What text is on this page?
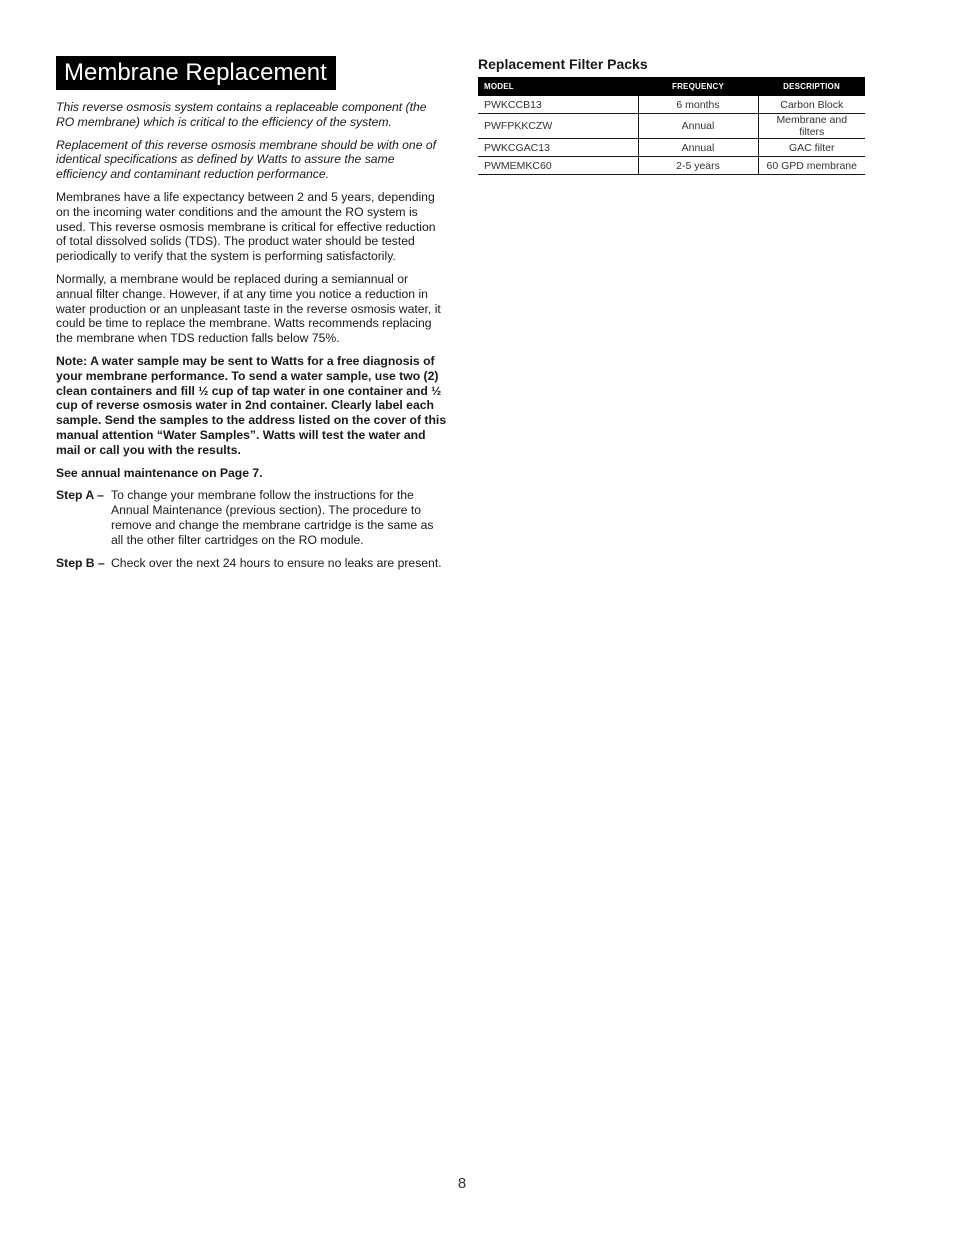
Membrane Replacement

This reverse osmosis system contains a replaceable component (the RO membrane) which is critical to the efficiency of the system.

Replacement of this reverse osmosis membrane should be with one of identical specifications as defined by Watts to assure the same efficiency and contaminant reduction performance.

Membranes have a life expectancy between 2 and 5 years, depending on the incoming water conditions and the amount the RO system is used. This reverse osmosis membrane is critical for effective reduction of total dissolved solids (TDS). The product water should be tested periodically to verify that the system is performing satisfactorily.

Normally, a membrane would be replaced during a semiannual or annual filter change. However, if at any time you notice a reduction in water production or an unpleasant taste in the reverse osmosis water, it could be time to replace the membrane. Watts recommends replacing the membrane when TDS reduction falls below 75%.

Note: A water sample may be sent to Watts for a free diagnosis of your membrane performance. To send a water sample, use two (2) clean containers and fill ½ cup of tap water in one container and ½ cup of reverse osmosis water in 2nd container. Clearly label each sample. Send the samples to the address listed on the cover of this manual attention “Water Samples”. Watts will test the water and mail or call you with the results.

See annual maintenance on Page 7.

Step A – To change your membrane follow the instructions for the Annual Maintenance (previous section). The procedure to remove and change the membrane cartridge is the same as all the other filter cartridges on the RO module.
Step B – Check over the next 24 hours to ensure no leaks are present.
Replacement Filter Packs
MODEL	FREQUENCY	DESCRIPTION
PWKCCB13	6 months	Carbon Block
PWFPKKCZW	Annual	Membrane and filters
PWKCGAC13	Annual	GAC filter
PWMEMKC60	2-5 years	60 GPD membrane
8
